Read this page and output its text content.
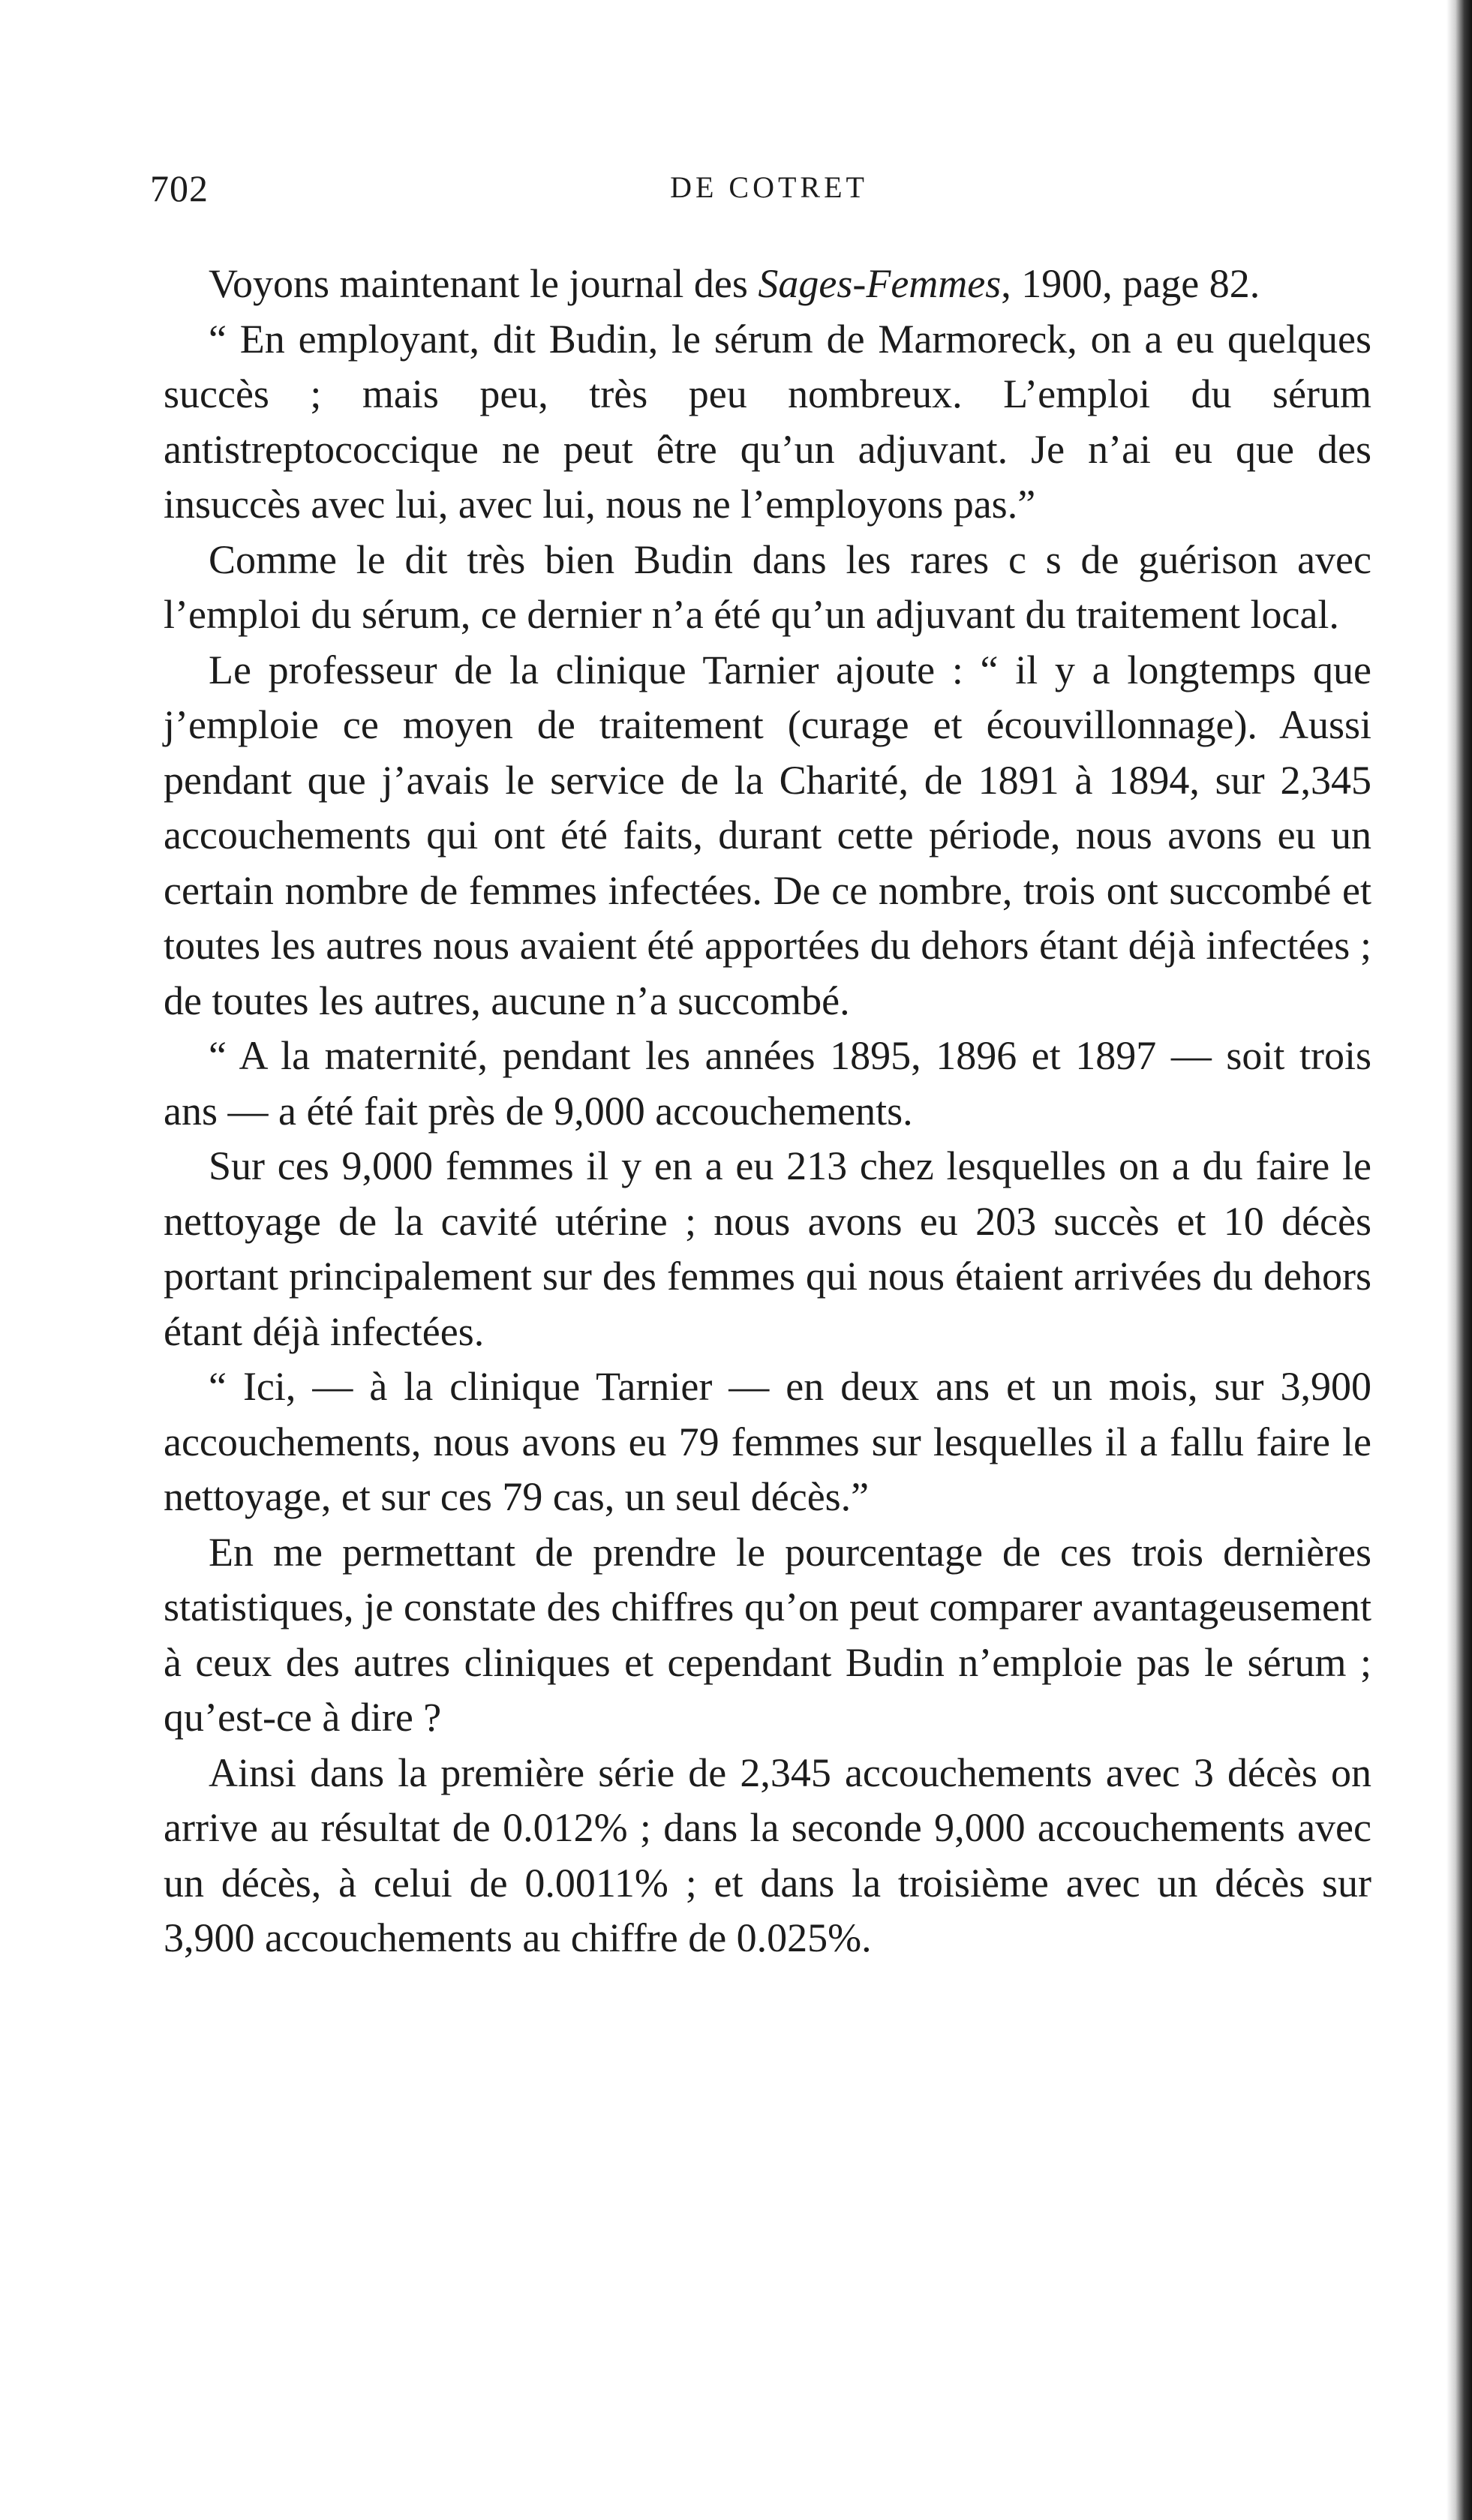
702	DE COTRET

Voyons maintenant le journal des Sages-Femmes, 1900, page 82.

“ En employant, dit Budin, le sérum de Marmoreck, on a eu quelques succès ; mais peu, très peu nombreux. L’emploi du sérum antistreptococcique ne peut être qu’un adjuvant. Je n’ai eu que des insuccès avec lui, avec lui, nous ne l’employons pas.”

Comme le dit très bien Budin dans les rares c s de guérison avec l’emploi du sérum, ce dernier n’a été qu’un adjuvant du traitement local.

Le professeur de la clinique Tarnier ajoute : “ il y a longtemps que j’emploie ce moyen de traitement (curage et écouvillonnage). Aussi pendant que j’avais le service de la Charité, de 1891 à 1894, sur 2,345 accouchements qui ont été faits, durant cette période, nous avons eu un certain nombre de femmes infectées. De ce nombre, trois ont succombé et toutes les autres nous avaient été apportées du dehors étant déjà infectées ; de toutes les autres, aucune n’a succombé.

“ A la maternité, pendant les années 1895, 1896 et 1897 — soit trois ans — a été fait près de 9,000 accouchements.

Sur ces 9,000 femmes il y en a eu 213 chez lesquelles on a du faire le nettoyage de la cavité utérine ; nous avons eu 203 succès et 10 décès portant principalement sur des femmes qui nous étaient arrivées du dehors étant déjà infectées.

“ Ici, — à la clinique Tarnier — en deux ans et un mois, sur 3,900 accouchements, nous avons eu 79 femmes sur lesquelles il a fallu faire le nettoyage, et sur ces 79 cas, un seul décès.”

En me permettant de prendre le pourcentage de ces trois dernières statistiques, je constate des chiffres qu’on peut comparer avantageusement à ceux des autres cliniques et cependant Budin n’emploie pas le sérum ; qu’est-ce à dire ?

Ainsi dans la première série de 2,345 accouchements avec 3 décès on arrive au résultat de 0.012% ; dans la seconde 9,000 accouchements avec un décès, à celui de 0.0011% ; et dans la troisième avec un décès sur 3,900 accouchements au chiffre de 0.025%.
